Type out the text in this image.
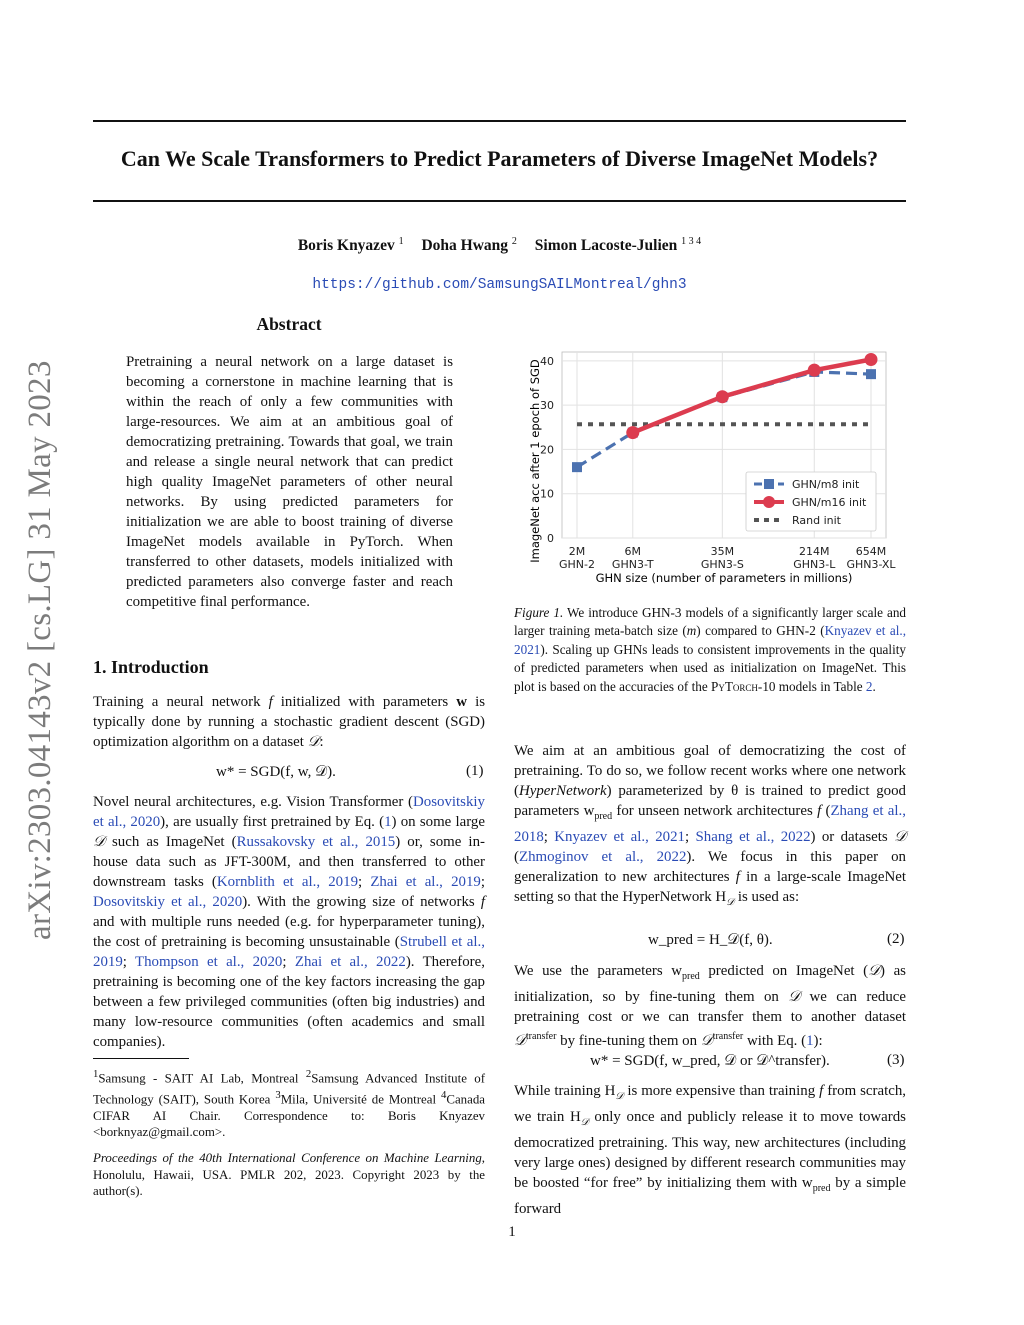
Can We Scale Transformers to Predict Parameters of Diverse ImageNet Models?
Boris Knyazev $^1$ Doha Hwang $^2$ Simon Lacoste-Julien $^{1 3 4}$
https://github.com/SamsungSAILMontreal/ghn3
arXiv:2303.04143v2 [cs.LG] 31 May 2023
Abstract
Pretraining a neural network on a large dataset is becoming a cornerstone in machine learning that is within the reach of only a few communities with large-resources. We aim at an ambitious goal of democratizing pretraining. Towards that goal, we train and release a single neural network that can predict high quality ImageNet parameters of other neural networks. By using predicted parameters for initialization we are able to boost training of diverse ImageNet models available in PyTorch. When transferred to other datasets, models initialized with predicted parameters also converge faster and reach competitive final performance.
1. Introduction
Training a neural network f initialized with parameters w is typically done by running a stochastic gradient descent (SGD) optimization algorithm on a dataset 𝒟:
w* = SGD(f, w, 𝒟).	(1)
Novel neural architectures, e.g. Vision Transformer (Dosovitskiy et al., 2020), are usually first pretrained by Eq. (1) on some large 𝒟 such as ImageNet (Russakovsky et al., 2015) or, some in-house data such as JFT-300M, and then transferred to other downstream tasks (Kornblith et al., 2019; Zhai et al., 2019; Dosovitskiy et al., 2020). With the growing size of networks f and with multiple runs needed (e.g. for hyperparameter tuning), the cost of pretraining is becoming unsustainable (Strubell et al., 2019; Thompson et al., 2020; Zhai et al., 2022). Therefore, pretraining is becoming one of the key factors increasing the gap between a few privileged communities (often big industries) and many low-resource communities (often academics and small companies).
$^1$Samsung - SAIT AI Lab, Montreal $^2$Samsung Advanced Institute of Technology (SAIT), South Korea $^3$Mila, Université de Montreal $^4$Canada CIFAR AI Chair. Correspondence to: Boris Knyazev <borknyaz@gmail.com>.
Proceedings of the 40th International Conference on Machine Learning, Honolulu, Hawaii, USA. PMLR 202, 2023. Copyright 2023 by the author(s).
0
10
20
30
40
2M
GHN-2
6M
GHN3-T
35M
GHN3-S
214M
GHN3-L
654M
GHN3-XL
GHN/m8 init
GHN/m16 init
Rand init
ImageNet acc after 1 epoch of SGD
GHN size (number of parameters in millions)
Figure 1. We introduce GHN-3 models of a significantly larger scale and larger training meta-batch size (m) compared to GHN-2 (Knyazev et al., 2021). Scaling up GHNs leads to consistent improvements in the quality of predicted parameters when used as initialization on ImageNet. This plot is based on the accuracies of the PyTorch-10 models in Table 2.
We aim at an ambitious goal of democratizing the cost of pretraining. To do so, we follow recent works where one network (HyperNetwork) parameterized by θ is trained to predict good parameters $w_{pred}$ for unseen network architectures f (Zhang et al., 2018; Knyazev et al., 2021; Shang et al., 2022) or datasets 𝒟 (Zhmoginov et al., 2022). We focus in this paper on generalization to new architectures f in a large-scale ImageNet setting so that the HyperNetwork $H_𝒟$ is used as:
w_pred = H_𝒟(f, θ).	(2)
We use the parameters $w_{pred}$ predicted on ImageNet (𝒟) as initialization, so by fine-tuning them on 𝒟 we can reduce pretraining cost or we can transfer them to another dataset 𝒟$^{transfer}$ by fine-tuning them on 𝒟$^{transfer}$ with Eq. (1):
w* = SGD(f, w_pred, 𝒟 or 𝒟^transfer).	(3)
While training $H_𝒟$ is more expensive than training f from scratch, we train $H_𝒟$ only once and publicly release it to move towards democratized pretraining. This way, new architectures (including very large ones) designed by different research communities may be boosted “for free” by initializing them with $w_{pred}$ by a simple forward
1
